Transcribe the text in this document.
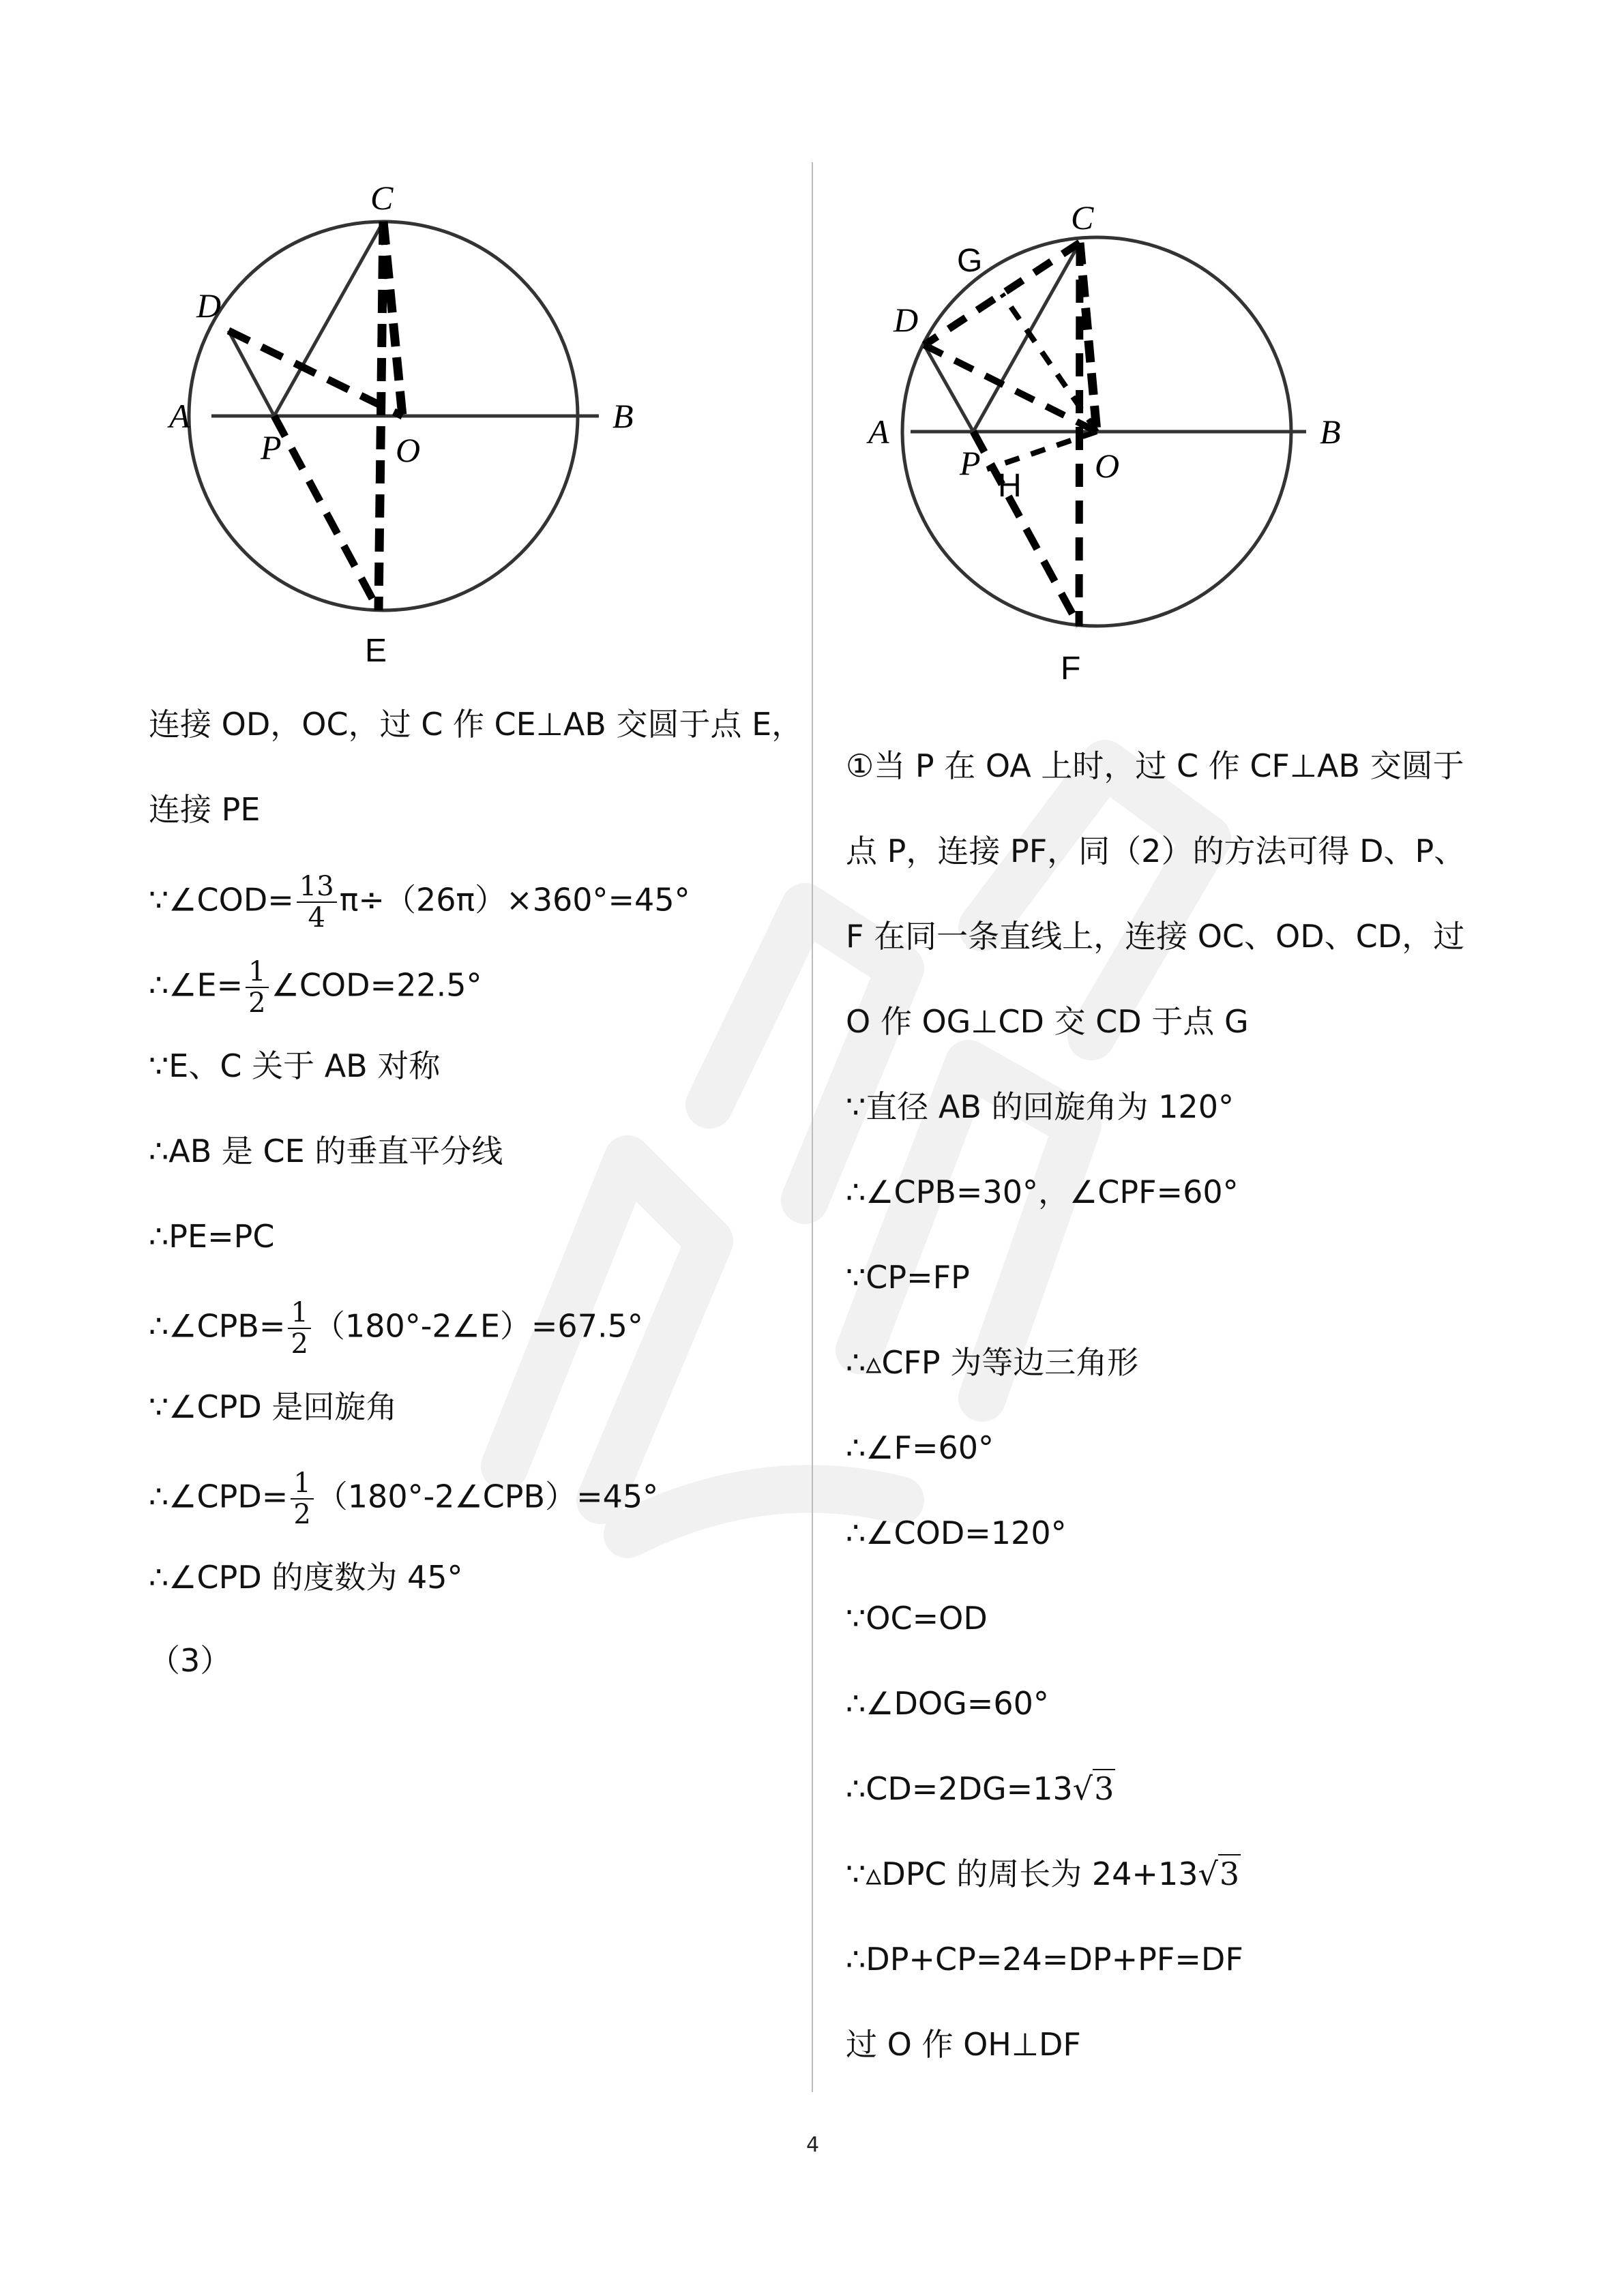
C
D
A	B
P	O
E
C
G
D
A	B
P	O
H
F
连接 OD，OC，过 C 作 CE⊥AB 交圆于点 E，
连接 PE
∵∠COD= $\frac{13}{4} \pi\div(26\pi)\times 360^\circ=45^\circ$
∴∠E= $\frac{1}{2}$ ∠COD=22.5°
∵E、C 关于 AB 对称
∴AB 是 CE 的垂直平分线
∴PE=PC
∴∠CPB= $\frac{1}{2}$ （180°-2∠E）=67.5°
∵∠CPD 是回旋角
∴∠CPD= $\frac{1}{2}$ （180°-2∠CPB）=45°
∴∠CPD 的度数为 45°
（3）
①当 P 在 OA 上时，过 C 作 CF⊥AB 交圆于
点 P，连接 PF，同（2）的方法可得 D、P、
F 在同一条直线上，连接 OC、OD、CD，过
O 作 OG⊥CD 交 CD 于点 G
∵直径 AB 的回旋角为 120°
∴∠CPB=30°，∠CPF=60°
∵CP=FP
∴▵CFP 为等边三角形
∴∠F=60°
∴∠COD=120°
∵OC=OD
∴∠DOG=60°
∴CD=2DG=13√3
∵▵DPC 的周长为 24+13√3
∴DP+CP=24=DP+PF=DF
过 O 作 OH⊥DF
4
